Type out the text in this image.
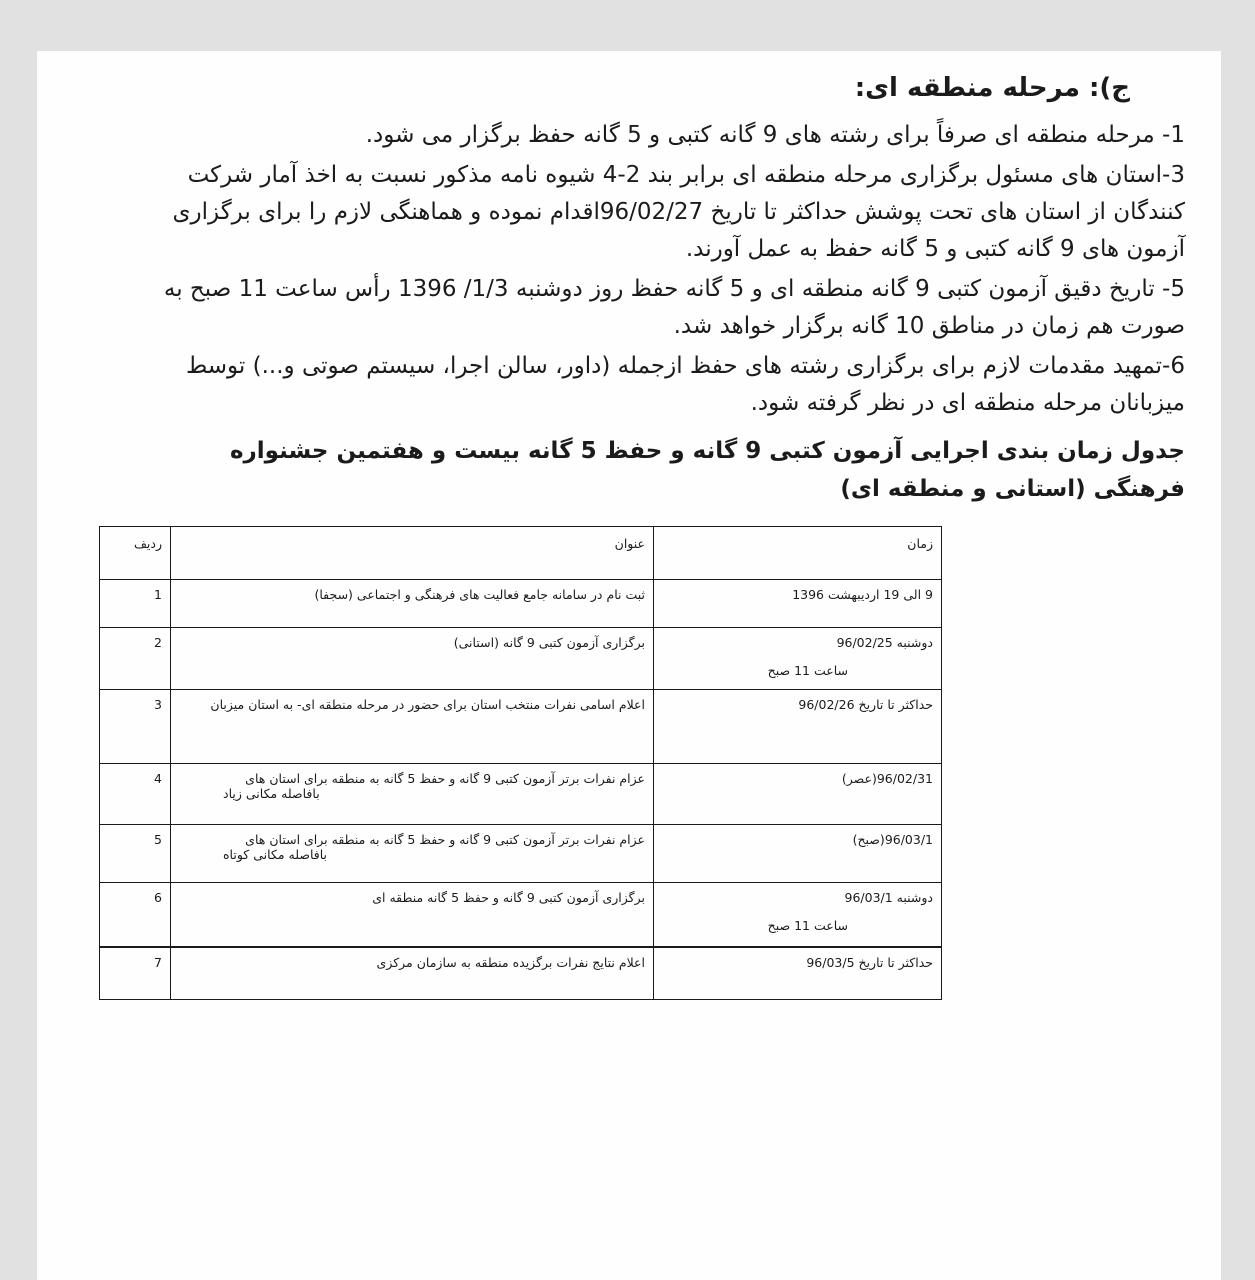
ج): مرحله منطقه ای:

1- مرحله منطقه ای صرفاً برای رشته های 9 گانه کتبی و 5 گانه حفظ برگزار می شود.

3-استان های مسئول برگزاری مرحله منطقه ای برابر بند 2-4 شیوه نامه مذکور نسبت به اخذ آمار شرکت کنندگان از استان های تحت پوشش حداکثر تا تاریخ 96/02/27اقدام نموده و هماهنگی لازم را برای برگزاری آزمون های 9 گانه کتبی و 5 گانه حفظ به عمل آورند.

5- تاریخ دقیق آزمون کتبی 9 گانه منطقه ای و 5 گانه حفظ روز دوشنبه 1/3/ 1396 رأس ساعت 11 صبح به صورت هم زمان در مناطق 10 گانه برگزار خواهد شد.

6-تمهید مقدمات لازم برای برگزاری رشته های حفظ ازجمله (داور، سالن اجرا، سیستم صوتی و...) توسط میزبانان مرحله منطقه ای در نظر گرفته شود.

جدول زمان بندی اجرایی آزمون کتبی 9 گانه و حفظ 5 گانه بیست و هفتمین جشنواره فرهنگی (استانی و منطقه ای)

زمان	عنوان	ردیف

9 الی 19 اردیبهشت 1396	ثبت نام در سامانه جامع فعالیت های فرهنگی و اجتماعی (سجفا)	1

دوشنبه 96/02/25
ساعت 11 صبح	برگزاری آزمون کتبی 9 گانه (استانی)	2

حداکثر تا تاریخ 96/02/26	اعلام اسامی نفرات منتخب استان برای حضور در مرحله منطقه ای- به استان میزبان	3

96/02/31(عصر)	عزام نفرات برتر آزمون کتبی 9 گانه و حفظ 5 گانه به منطقه برای استان های
بافاصله مکانی زیاد	4

96/03/1(صبح)	عزام نفرات برتر آزمون کتبی 9 گانه و حفظ 5 گانه به منطقه برای استان های
بافاصله مکانی کوتاه	5

دوشنبه 96/03/1
ساعت 11 صبح	برگزاری آزمون کتبی 9 گانه و حفظ 5 گانه منطقه ای	6

حداکثر تا تاریخ 96/03/5	اعلام نتایج نفرات برگزیده منطقه به سازمان مرکزی	7
